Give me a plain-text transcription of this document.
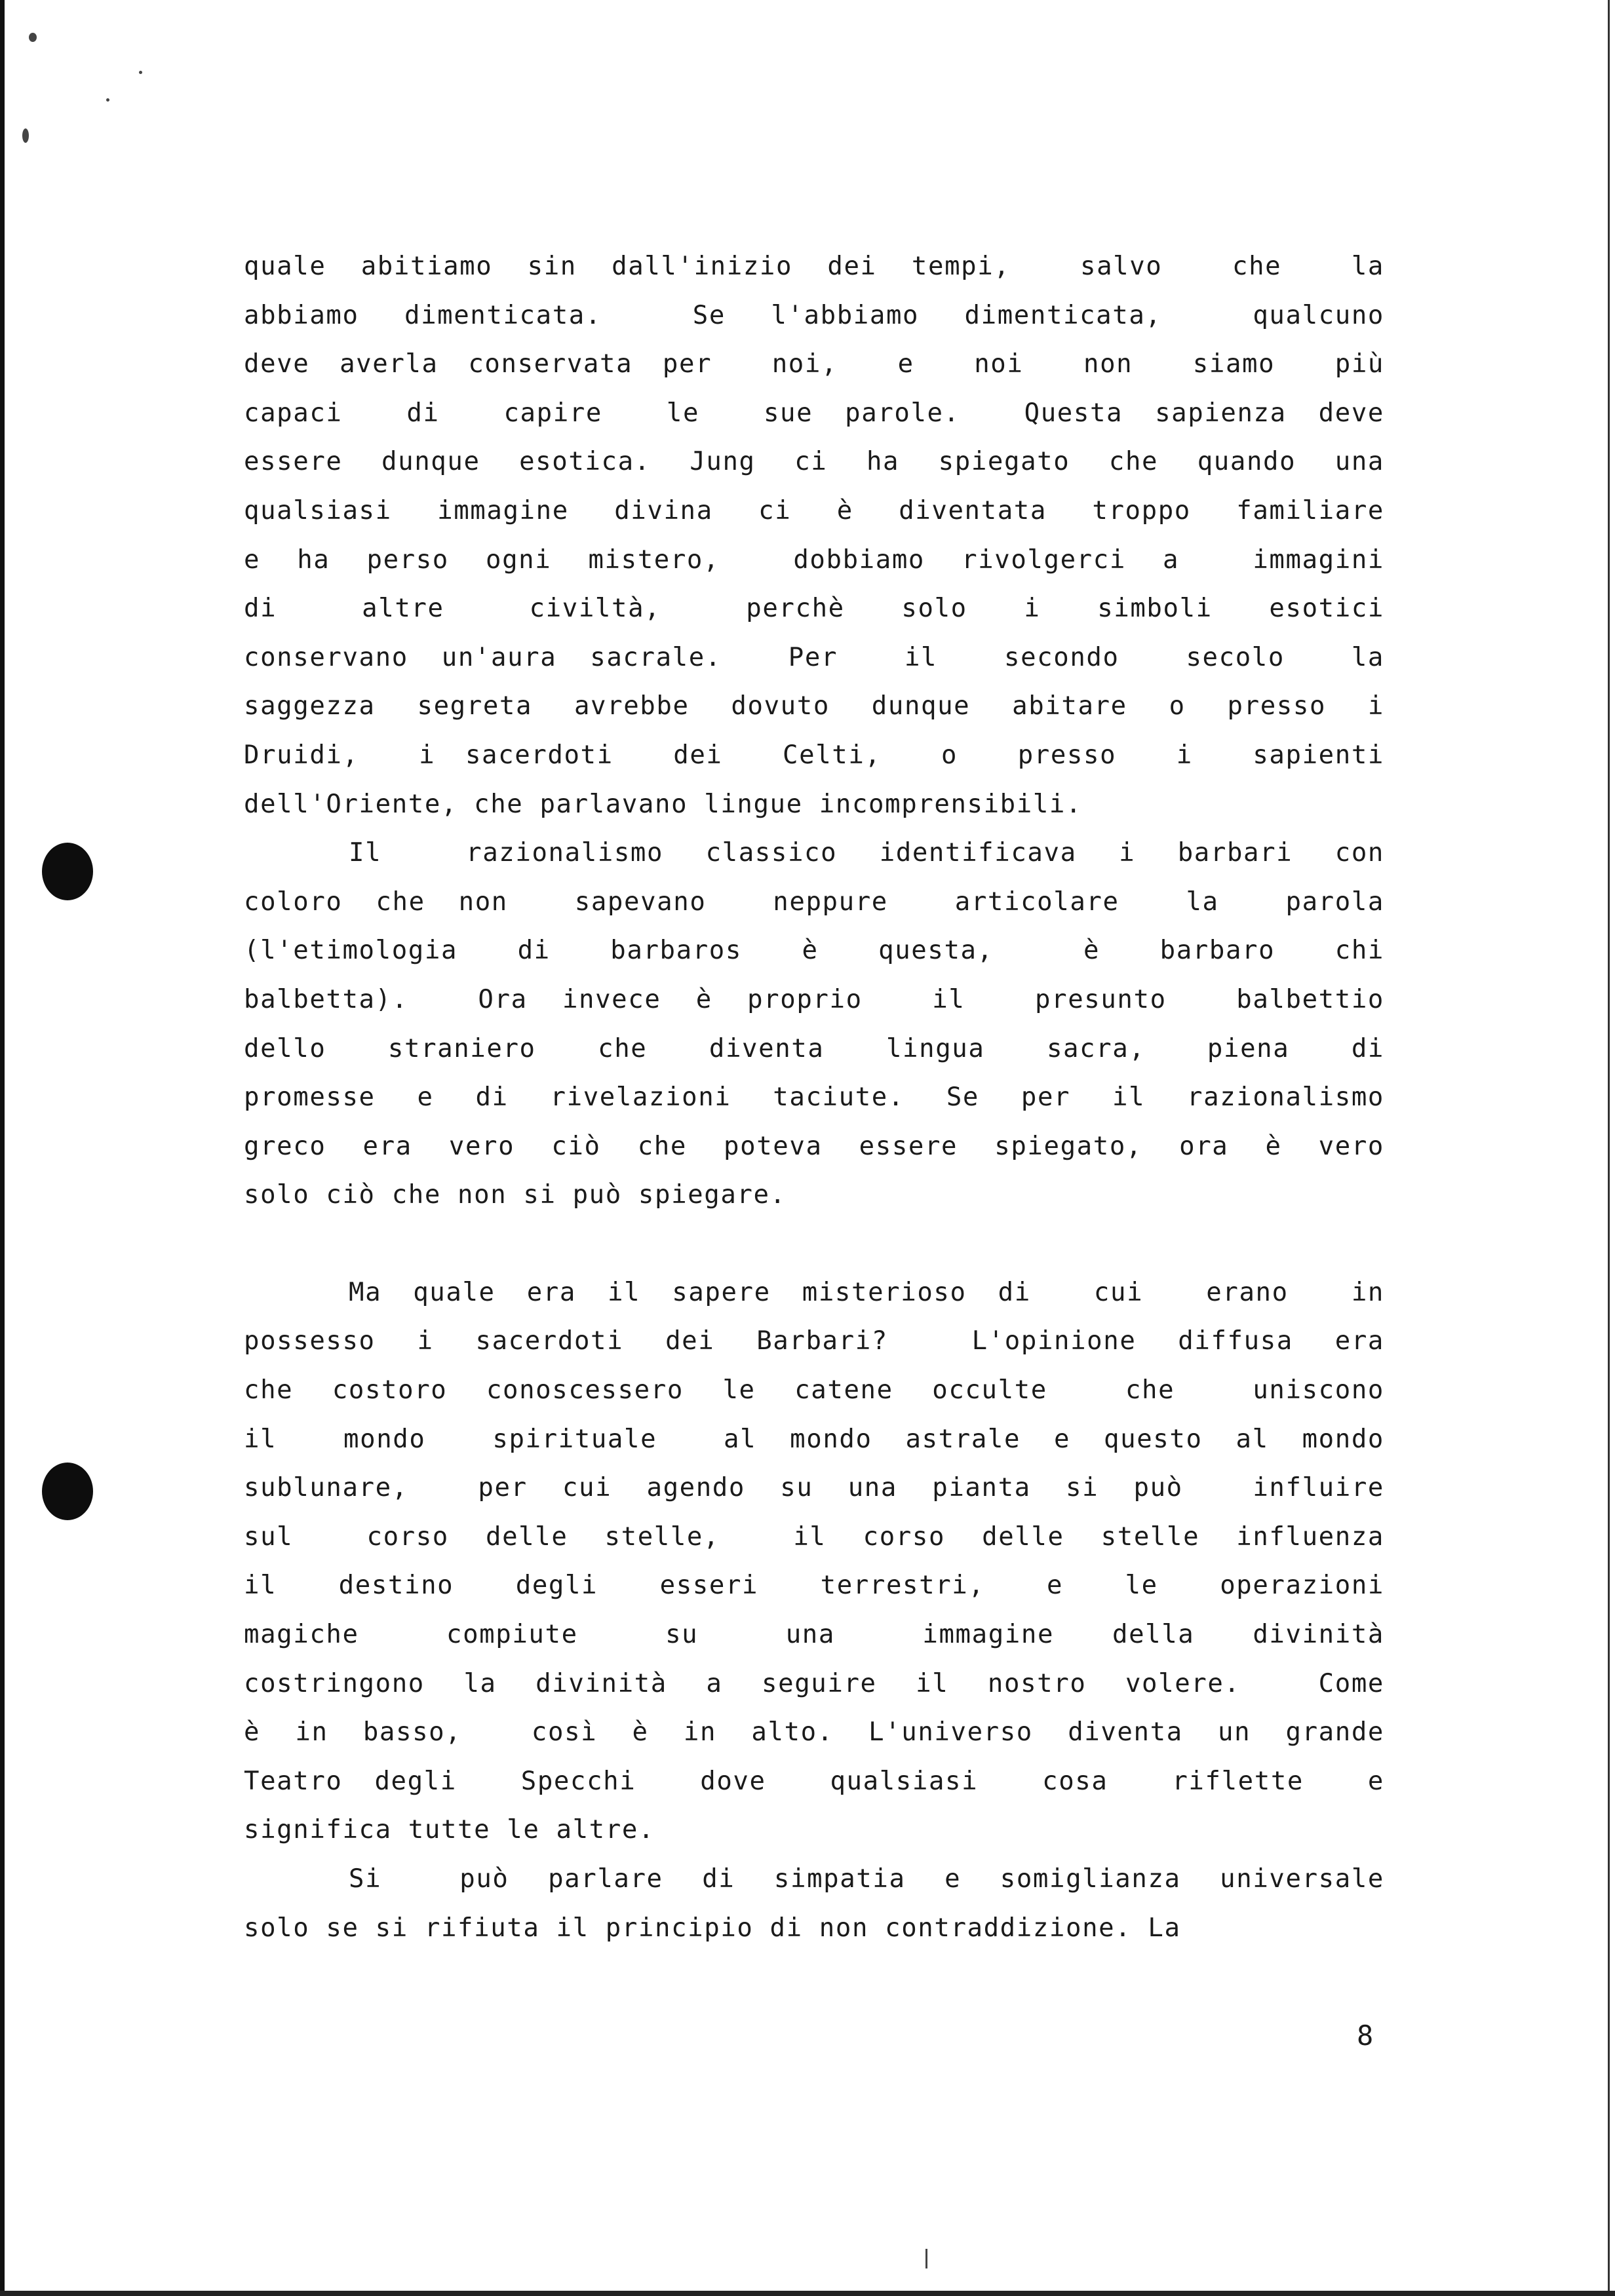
quale abitiamo sin dall'inizio dei tempi,  salvo  che  la
abbiamo dimenticata.  Se l'abbiamo dimenticata,  qualcuno
deve averla conservata per  noi,  e  noi  non  siamo  più
capaci  di  capire  le  sue parole.  Questa sapienza deve
essere dunque esotica. Jung ci ha spiegato che quando una
qualsiasi immagine divina ci è diventata troppo familiare
e ha perso ogni mistero,  dobbiamo rivolgerci a  immagini
di   altre   civiltà,   perchè  solo  i  simboli  esotici
conservano un'aura sacrale.  Per  il  secondo  secolo  la
saggezza segreta avrebbe dovuto dunque abitare o presso i
Druidi,  i sacerdoti  dei  Celti,  o  presso  i  sapienti
dell'Oriente, che parlavano lingue incomprensibili.
Il  razionalismo classico identificava i barbari con
coloro che non  sapevano  neppure  articolare  la  parola
(l'etimologia  di  barbaros  è  questa,   è  barbaro  chi
balbetta).  Ora invece è proprio  il  presunto  balbettio
dello  straniero  che  diventa  lingua  sacra,  piena  di
promesse e di rivelazioni taciute. Se per il razionalismo
greco era vero ciò che poteva essere spiegato, ora è vero
solo ciò che non si può spiegare.
Ma quale era il sapere misterioso di  cui  erano  in
possesso i sacerdoti dei Barbari?  L'opinione diffusa era
che costoro conoscessero le catene occulte  che  uniscono
il  mondo  spirituale  al mondo astrale e questo al mondo
sublunare,  per cui agendo su una pianta si può  influire
sul  corso delle stelle,  il corso delle stelle influenza
il  destino  degli  esseri  terrestri,  e  le  operazioni
magiche   compiute   su   una   immagine  della  divinità
costringono la divinità a seguire il nostro volere.  Come
è in basso,  così è in alto. L'universo diventa un grande
Teatro degli  Specchi  dove  qualsiasi  cosa  riflette  e
significa tutte le altre.
Si  può parlare di simpatia e somiglianza universale
solo se si rifiuta il principio di non contraddizione. La
8
